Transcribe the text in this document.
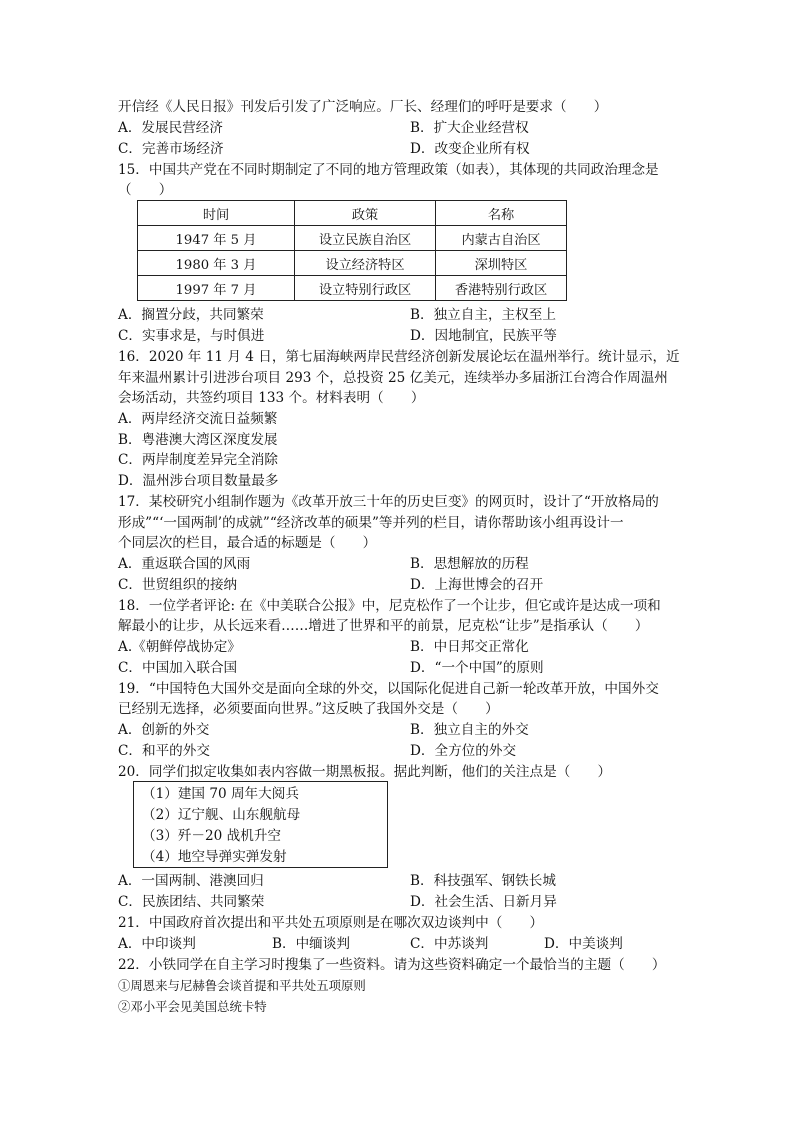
开信经《人民日报》刊发后引发了广泛响应。厂长、经理们的呼吁是要求（　　）
A．发展民营经济	B．扩大企业经营权
C．完善市场经济	D．改变企业所有权
15．中国共产党在不同时期制定了不同的地方管理政策（如表），其体现的共同政治理念是
（　　）
时间	政策	名称
1947 年 5 月	设立民族自治区	内蒙古自治区
1980 年 3 月	设立经济特区	深圳特区
1997 年 7 月	设立特别行政区	香港特别行政区
A．搁置分歧，共同繁荣	B．独立自主，主权至上
C．实事求是，与时俱进	D．因地制宜，民族平等
16．2020 年 11 月 4 日，第七届海峡两岸民营经济创新发展论坛在温州举行。统计显示，近
年来温州累计引进涉台项目 293 个，总投资 25 亿美元，连续举办多届浙江台湾合作周温州
会场活动，共签约项目 133 个。材料表明（　　）
A．两岸经济交流日益频繁
B．粤港澳大湾区深度发展
C．两岸制度差异完全消除
D．温州涉台项目数量最多
17．某校研究小组制作题为《改革开放三十年的历史巨变》的网页时，设计了“开放格局的
形成”“‘一国两制’的成就”“经济改革的硕果”等并列的栏目，请你帮助该小组再设计一
个同层次的栏目，最合适的标题是（　　）
A．重返联合国的风雨	B．思想解放的历程
C．世贸组织的接纳	D．上海世博会的召开
18．一位学者评论: 在《中美联合公报》中，尼克松作了一个让步，但它或许是达成一项和
解最小的让步，从长远来看……增进了世界和平的前景，尼克松“让步”是指承认（　　）
A.《朝鲜停战协定》	B．中日邦交正常化
C．中国加入联合国	D．“一个中国”的原则
19．“中国特色大国外交是面向全球的外交，以国际化促进自己新一轮改革开放，中国外交
已经别无选择，必须要面向世界。”这反映了我国外交是（　　）
A．创新的外交	B．独立自主的外交
C．和平的外交	D．全方位的外交
20．同学们拟定收集如表内容做一期黑板报。据此判断，他们的关注点是（　　）
（1）建国 70 周年大阅兵
（2）辽宁舰、山东舰航母
（3）歼－20 战机升空
（4）地空导弹实弹发射
A．一国两制、港澳回归	B．科技强军、钢铁长城
C．民族团结、共同繁荣	D．社会生活、日新月异
21．中国政府首次提出和平共处五项原则是在哪次双边谈判中（　　）
A．中印谈判	B．中缅谈判	C．中苏谈判	D．中美谈判
22．小铁同学在自主学习时搜集了一些资料。请为这些资料确定一个最恰当的主题（　　）
①周恩来与尼赫鲁会谈首提和平共处五项原则
②邓小平会见美国总统卡特
